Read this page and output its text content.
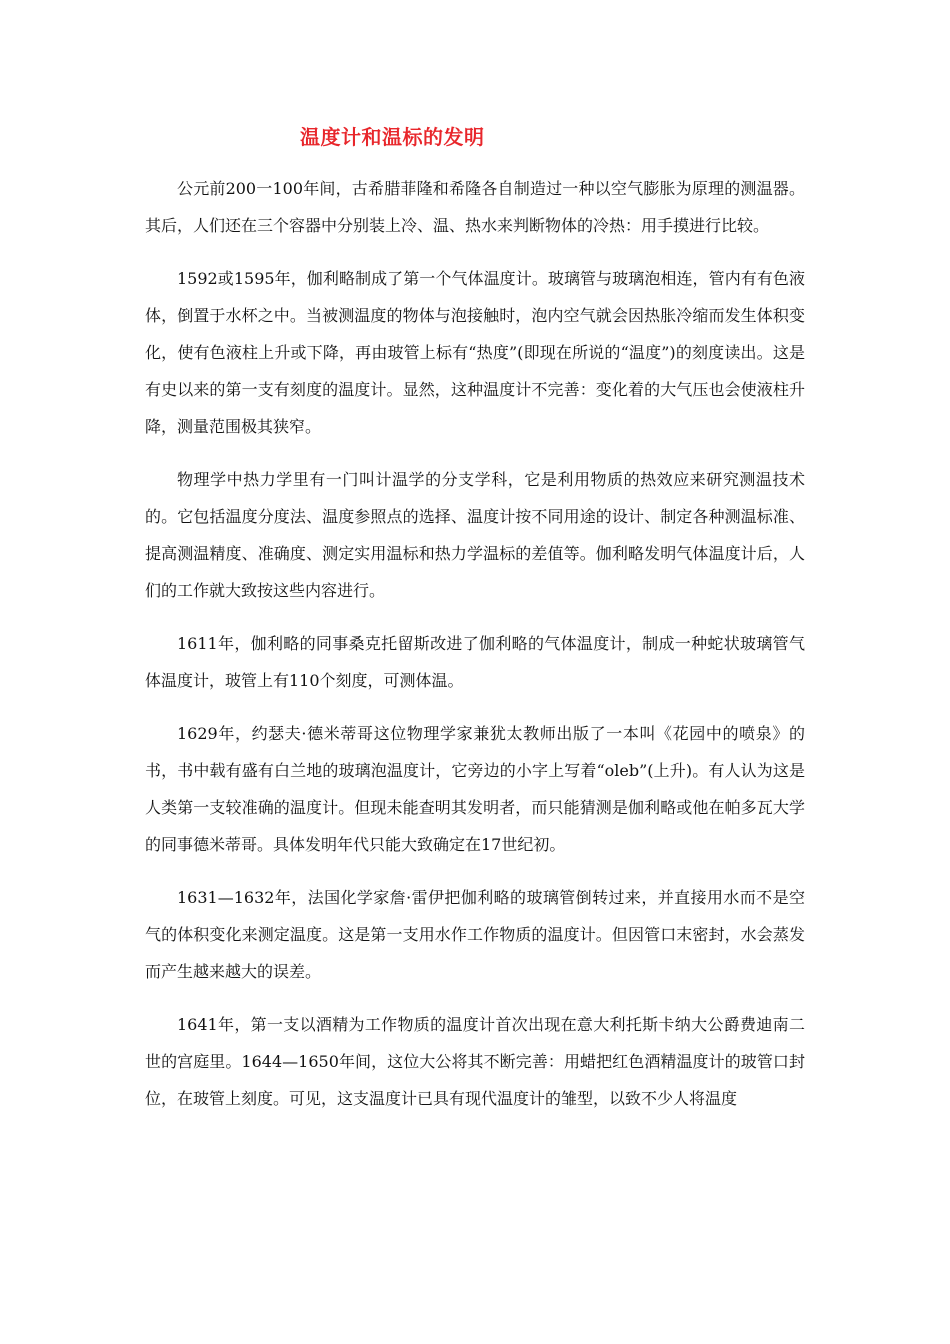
温度计和温标的发明

公元前200一100年间，古希腊菲隆和希隆各自制造过一种以空气膨胀为原理的测温器。其后，人们还在三个容器中分别装上冷、温、热水来判断物体的冷热：用手摸进行比较。

1592或1595年，伽利略制成了第一个气体温度计。玻璃管与玻璃泡相连，管内有有色液体，倒置于水杯之中。当被测温度的物体与泡接触时，泡内空气就会因热胀冷缩而发生体积变化，使有色液柱上升或下降，再由玻管上标有“热度”(即现在所说的“温度”)的刻度读出。这是有史以来的第一支有刻度的温度计。显然，这种温度计不完善：变化着的大气压也会使液柱升降，测量范围极其狭窄。

物理学中热力学里有一门叫计温学的分支学科，它是利用物质的热效应来研究测温技术的。它包括温度分度法、温度参照点的选择、温度计按不同用途的设计、制定各种测温标准、提高测温精度、准确度、测定实用温标和热力学温标的差值等。伽利略发明气体温度计后，人们的工作就大致按这些内容进行。

1611年，伽利略的同事桑克托留斯改进了伽利略的气体温度计，制成一种蛇状玻璃管气体温度计，玻管上有110个刻度，可测体温。

1629年，约瑟夫·德米蒂哥这位物理学家兼犹太教师出版了一本叫《花园中的喷泉》的书，书中载有盛有白兰地的玻璃泡温度计，它旁边的小字上写着“oleb”(上升)。有人认为这是人类第一支较准确的温度计。但现未能查明其发明者，而只能猜测是伽利略或他在帕多瓦大学的同事德米蒂哥。具体发明年代只能大致确定在17世纪初。

1631—1632年，法国化学家詹·雷伊把伽利略的玻璃管倒转过来，并直接用水而不是空气的体积变化来测定温度。这是第一支用水作工作物质的温度计。但因管口末密封，水会蒸发而产生越来越大的误差。

1641年，第一支以酒精为工作物质的温度计首次出现在意大利托斯卡纳大公爵费迪南二世的宫庭里。1644—1650年间，这位大公将其不断完善：用蜡把红色酒精温度计的玻管口封位，在玻管上刻度。可见，这支温度计已具有现代温度计的雏型，以致不少人将温度
